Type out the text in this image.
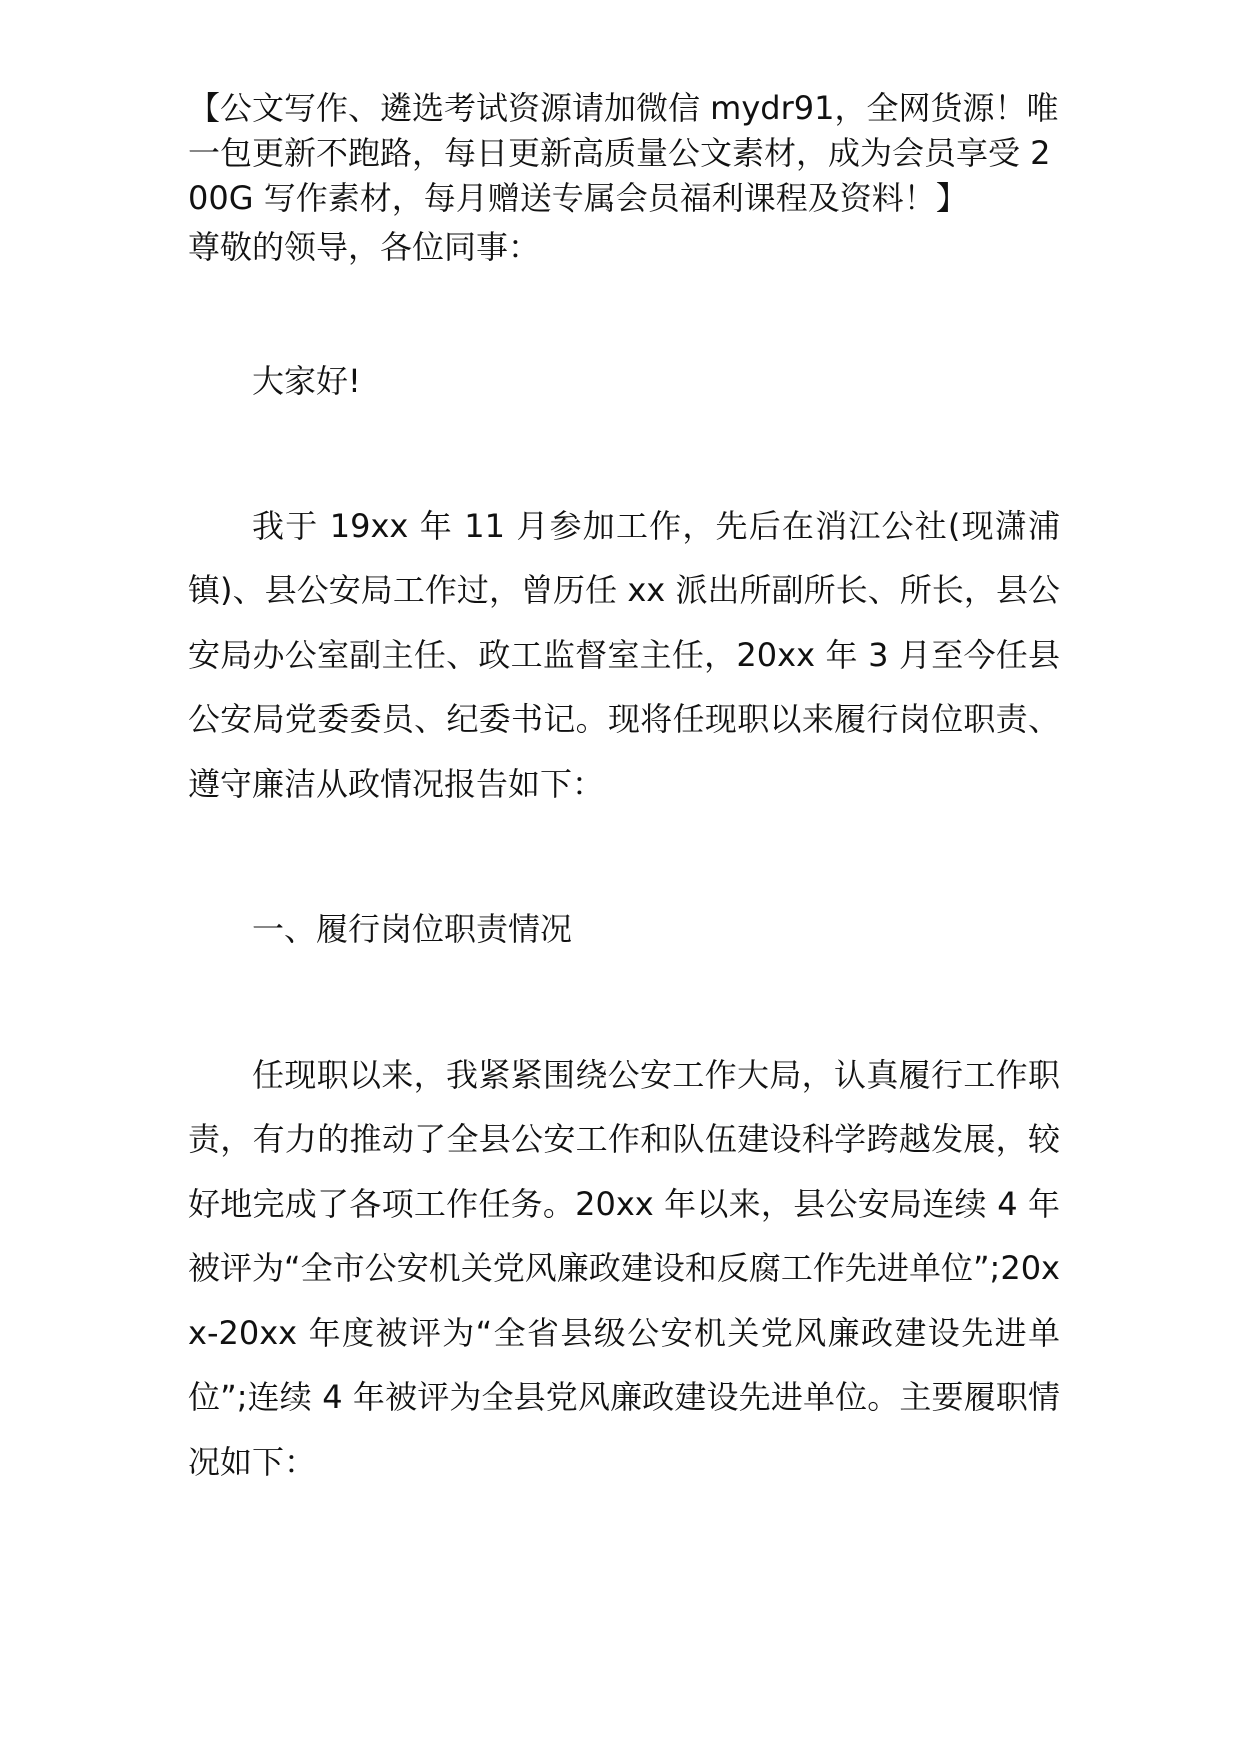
【公文写作、遴选考试资源请加微信 mydr91，全网货源！唯一包更新不跑路，每日更新高质量公文素材，成为会员享受 200G 写作素材，每月赠送专属会员福利课程及资料！】

尊敬的领导，各位同事：

大家好!

我于 19xx 年 11 月参加工作，先后在消江公社(现潇浦镇)、县公安局工作过，曾历任 xx 派出所副所长、所长，县公安局办公室副主任、政工监督室主任，20xx 年 3 月至今任县公安局党委委员、纪委书记。现将任现职以来履行岗位职责、遵守廉洁从政情况报告如下：

一、履行岗位职责情况

任现职以来，我紧紧围绕公安工作大局，认真履行工作职责，有力的推动了全县公安工作和队伍建设科学跨越发展，较好地完成了各项工作任务。20xx 年以来，县公安局连续 4 年被评为“全市公安机关党风廉政建设和反腐工作先进单位”;20xx-20xx 年度被评为“全省县级公安机关党风廉政建设先进单位”;连续 4 年被评为全县党风廉政建设先进单位。主要履职情况如下：
